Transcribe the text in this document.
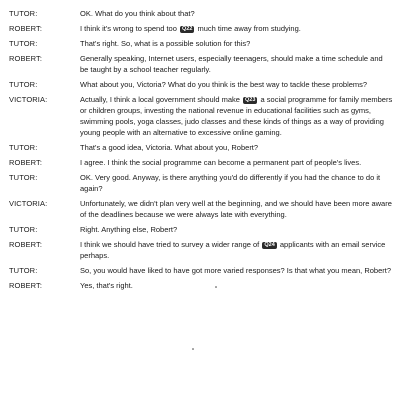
TUTOR:	OK. What do you think about that?
ROBERT:	I think it's wrong to spend too Q22 much time away from studying.
TUTOR:	That's right. So, what is a possible solution for this?
ROBERT:	Generally speaking, Internet users, especially teenagers, should make a time schedule and be taught by a school teacher regularly.
TUTOR:	What about you, Victoria? What do you think is the best way to tackle these problems?
VICTORIA:	Actually, I think a local government should make Q23 a social programme for family members or children groups, investing the national revenue in educational facilities such as gyms, swimming pools, yoga classes, judo classes and these kinds of things as a way of providing young people with an alternative to excessive online gaming.
TUTOR:	That's a good idea, Victoria. What about you, Robert?
ROBERT:	I agree. I think the social programme can become a permanent part of people's lives.
TUTOR:	OK. Very good. Anyway, is there anything you'd do differently if you had the chance to do it again?
VICTORIA:	Unfortunately, we didn't plan very well at the beginning, and we should have been more aware of the deadlines because we were always late with everything.
TUTOR:	Right. Anything else, Robert?
ROBERT:	I think we should have tried to survey a wider range of Q24 applicants with an email service perhaps.
TUTOR:	So, you would have liked to have got more varied responses? Is that what you mean, Robert?
ROBERT:	Yes, that's right.
